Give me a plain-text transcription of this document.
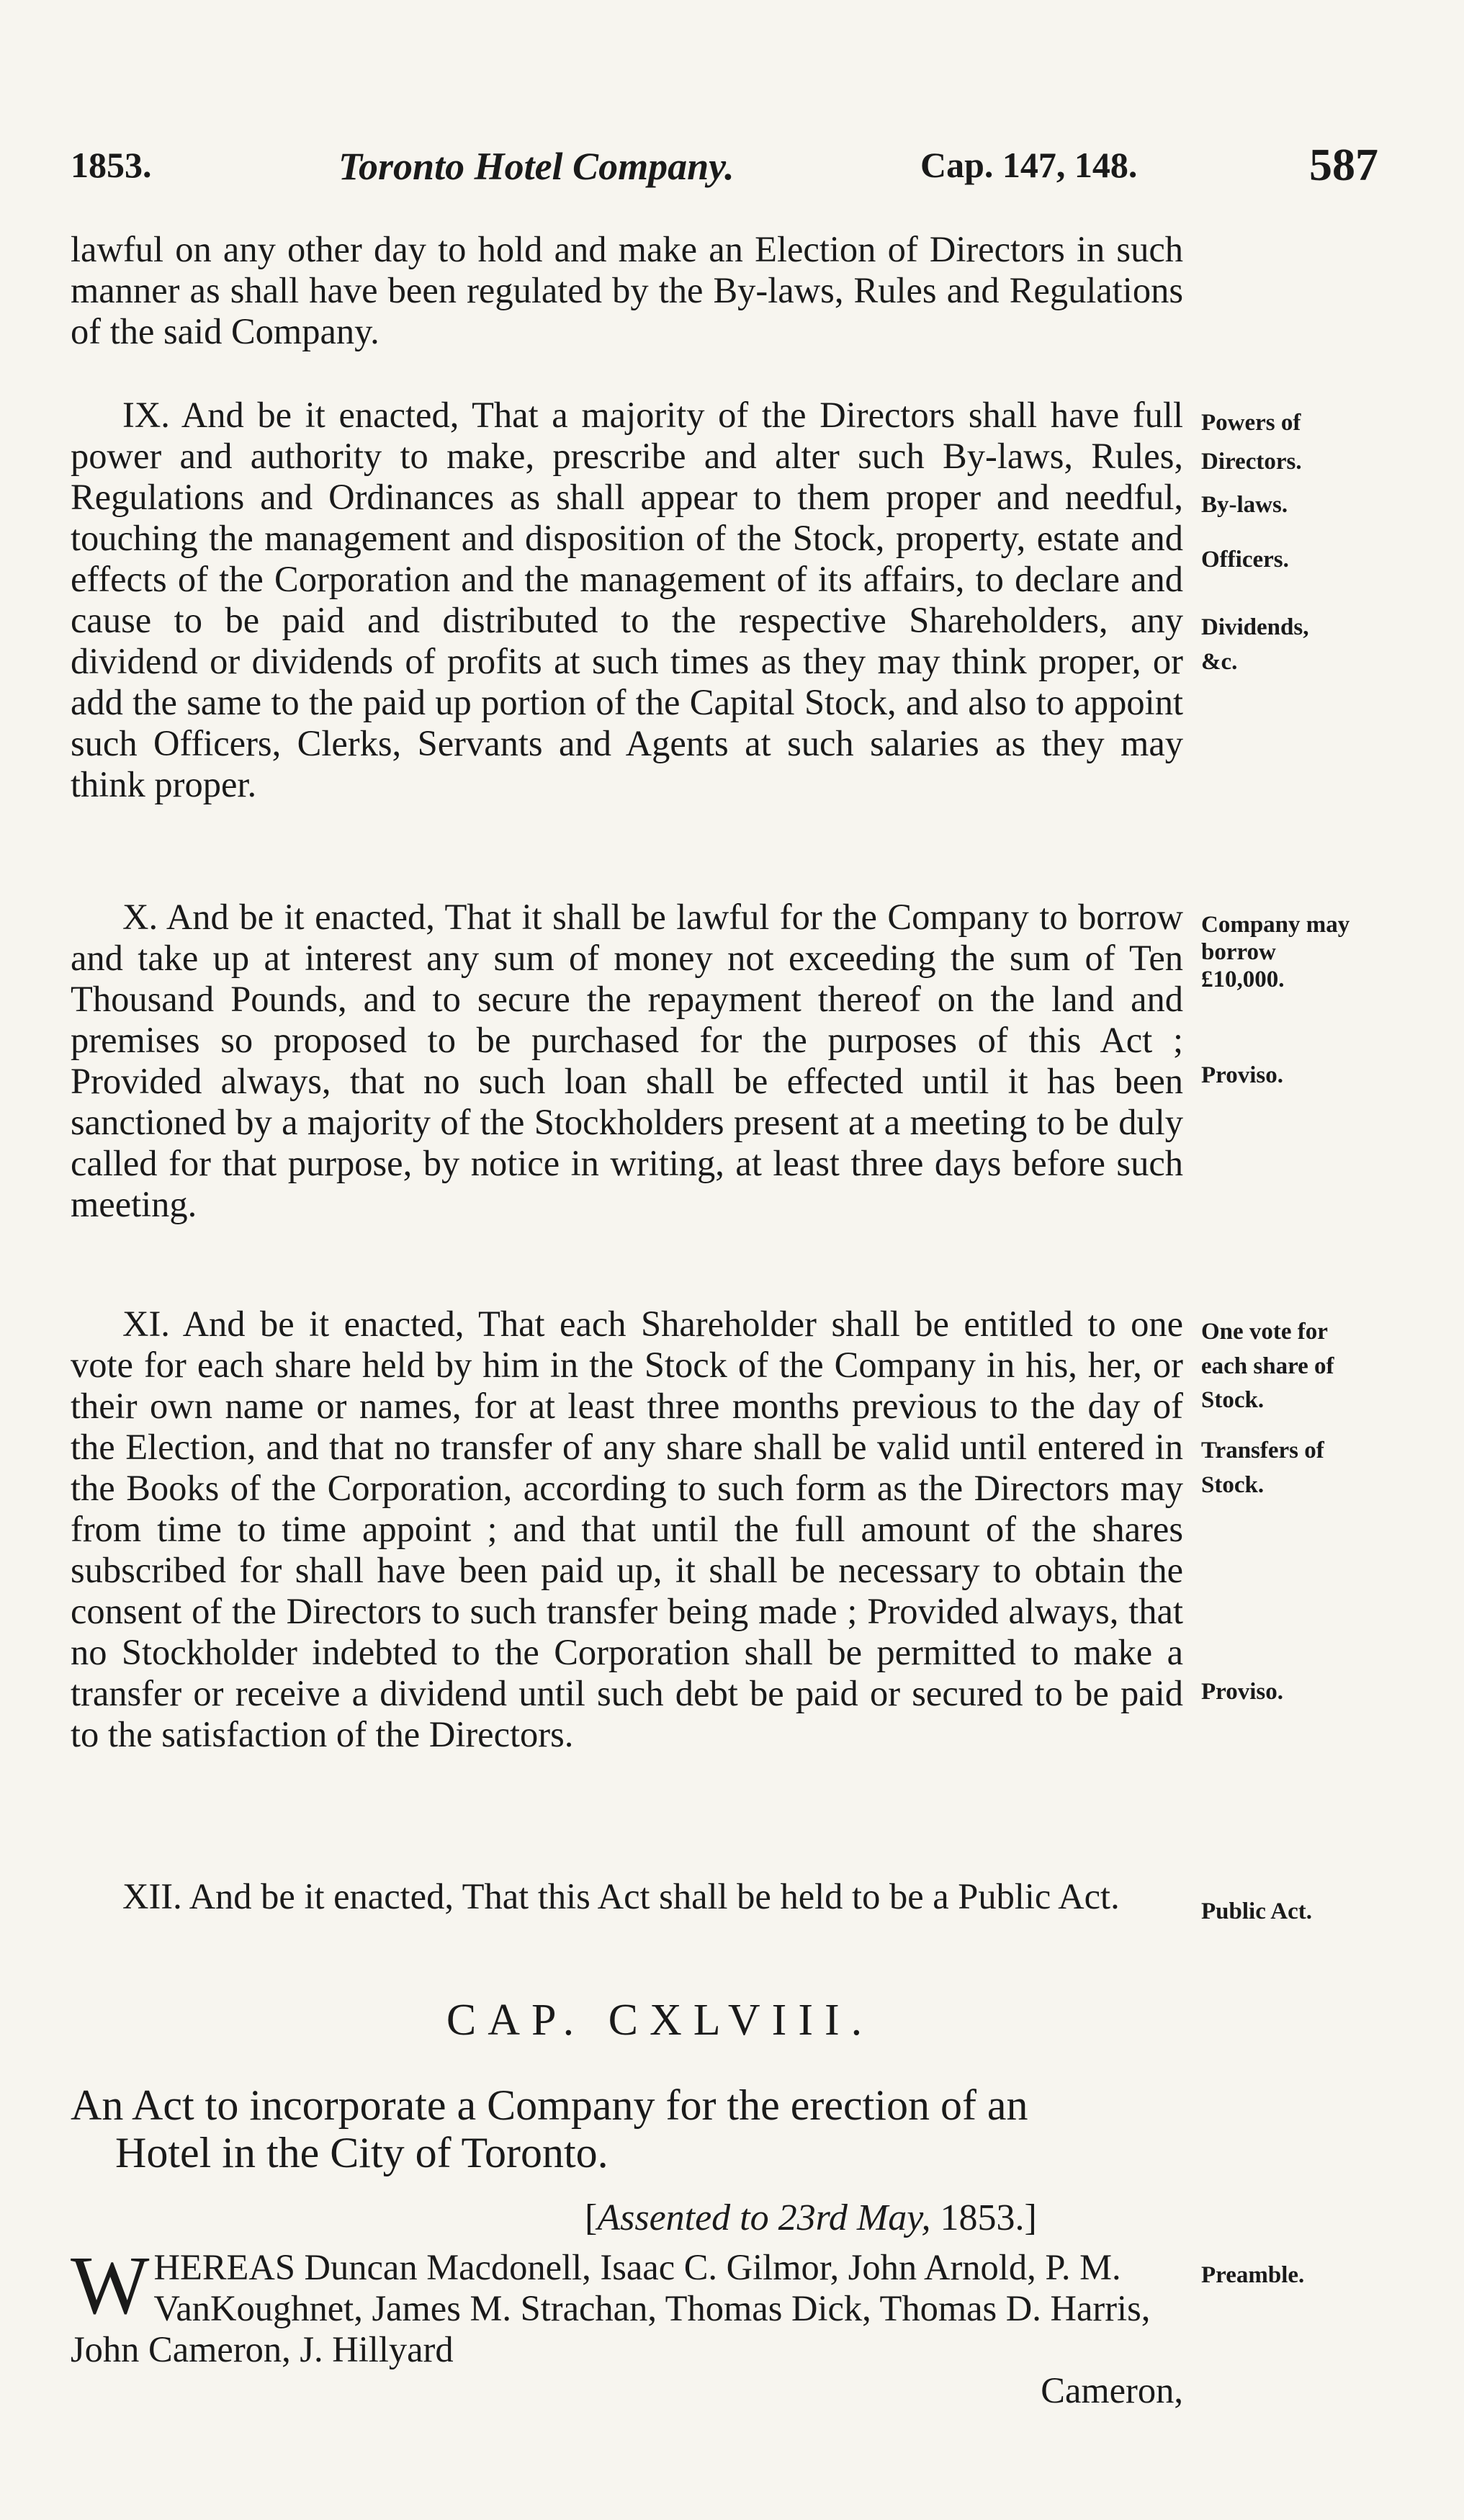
1853.	Toronto Hotel Company.	Cap. 147, 148.	587

lawful on any other day to hold and make an Election of Directors in such manner as shall have been regulated by the By-laws, Rules and Regulations of the said Company.

IX. And be it enacted, That a majority of the Directors shall have full power and authority to make, prescribe and alter such By-laws, Rules, Regulations and Ordinances as shall appear to them proper and needful, touching the management and disposition of the Stock, property, estate and effects of the Corporation and the management of its affairs, to declare and cause to be paid and distributed to the respective Shareholders, any dividend or dividends of profits at such times as they may think proper, or add the same to the paid up portion of the Capital Stock, and also to appoint such Officers, Clerks, Servants and Agents at such salaries as they may think proper.

X. And be it enacted, That it shall be lawful for the Company to borrow and take up at interest any sum of money not exceeding the sum of Ten Thousand Pounds, and to secure the repayment thereof on the land and premises so proposed to be purchased for the purposes of this Act ; Provided always, that no such loan shall be effected until it has been sanctioned by a majority of the Stockholders present at a meeting to be duly called for that purpose, by notice in writing, at least three days before such meeting.

XI. And be it enacted, That each Shareholder shall be entitled to one vote for each share held by him in the Stock of the Company in his, her, or their own name or names, for at least three months previous to the day of the Election, and that no transfer of any share shall be valid until entered in the Books of the Corporation, according to such form as the Directors may from time to time appoint ; and that until the full amount of the shares subscribed for shall have been paid up, it shall be necessary to obtain the consent of the Directors to such transfer being made ; Provided always, that no Stockholder indebted to the Corporation shall be permitted to make a transfer or receive a dividend until such debt be paid or secured to be paid to the satisfaction of the Directors.

XII. And be it enacted, That this Act shall be held to be a Public Act.

Powers of
Directors.
By-laws.
Officers.
Dividends,
&c.
Company may
borrow
£10,000.
Proviso.
One vote for
each share of
Stock.
Transfers of
Stock.
Proviso.
Public Act.
Preamble.
CAP. CXLVIII.
An Act to incorporate a Company for the erection of an
Hotel in the City of Toronto.
[Assented to 23rd May, 1853.]
W HEREAS Duncan Macdonell, Isaac C. Gilmor, John Arnold, P. M. VanKoughnet, James M. Strachan, Thomas Dick, Thomas D. Harris, John Cameron, J. Hillyard
Cameron,
